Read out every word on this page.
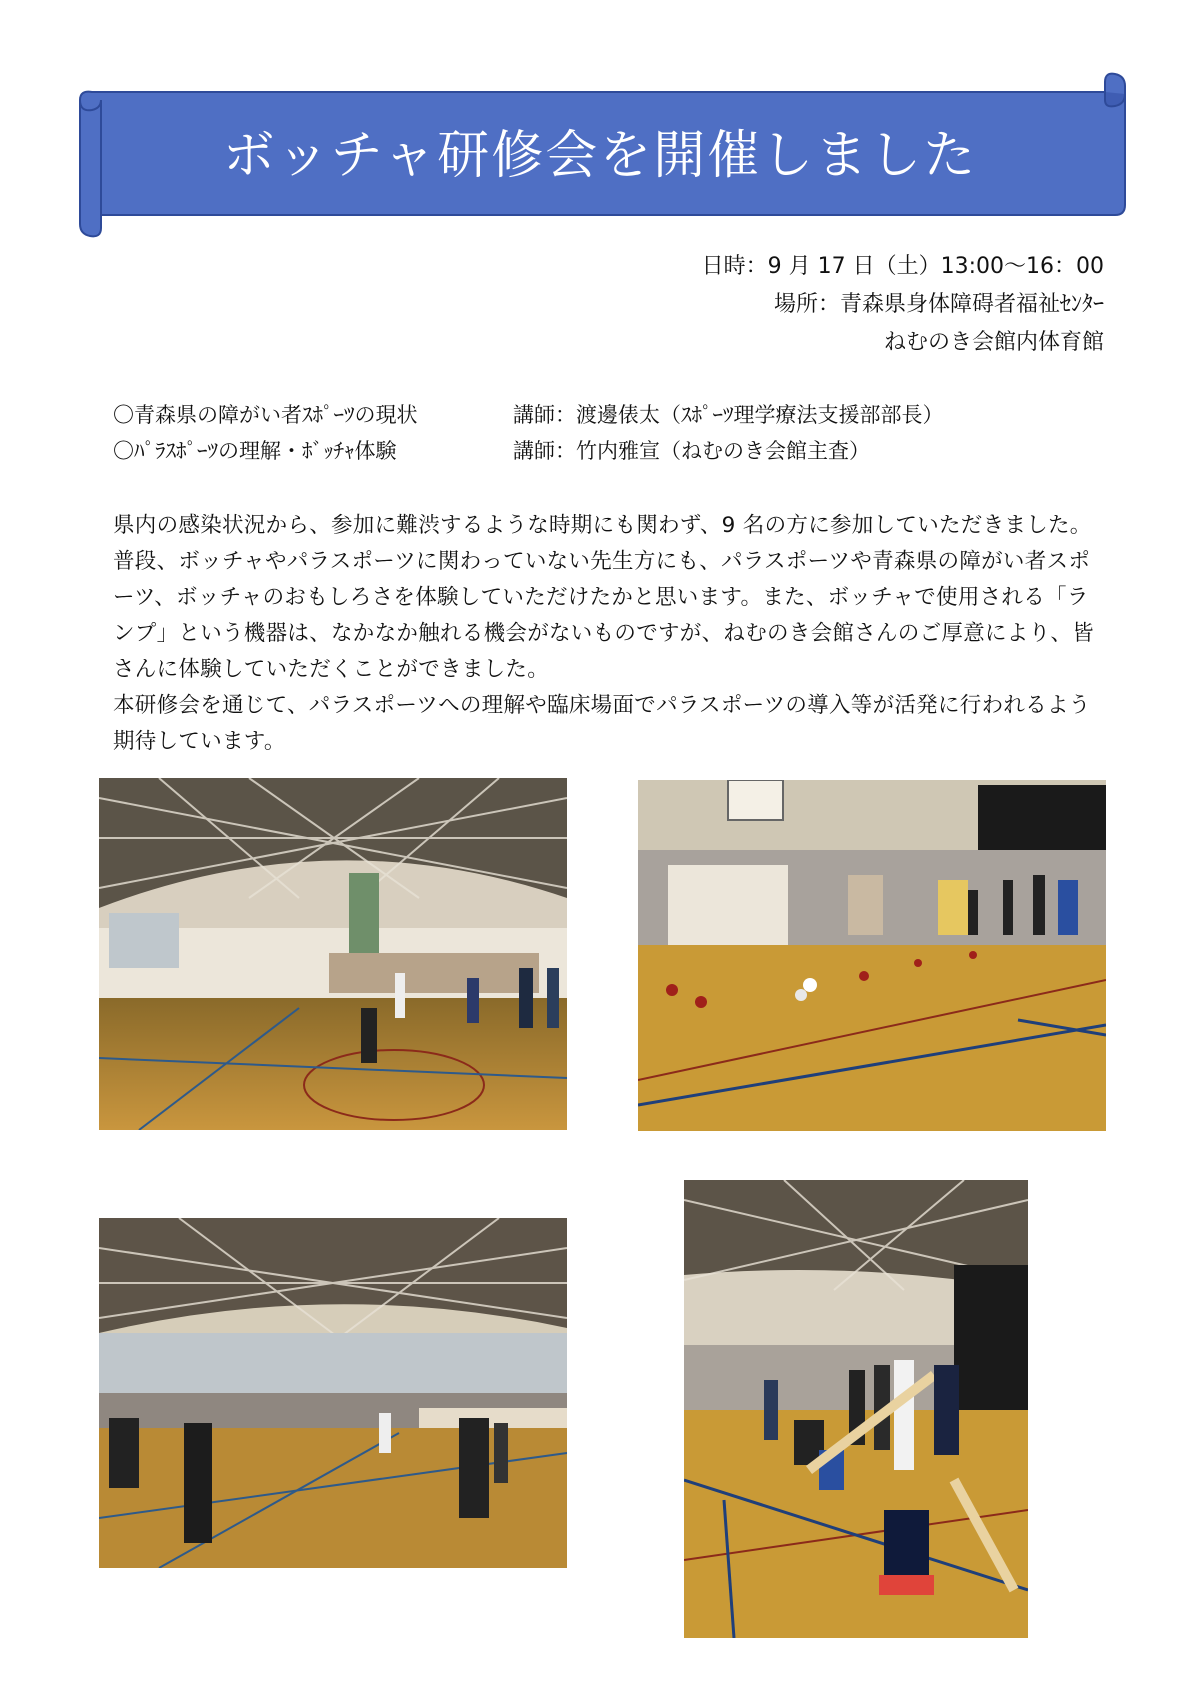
ボッチャ研修会を開催しました
日時：9 月 17 日（土）13:00～16：00
場所：青森県身体障碍者福祉ｾﾝﾀｰ
ねむのき会館内体育館
〇青森県の障がい者ｽﾎﾟｰﾂの現状	講師：渡邊俵太（ｽﾎﾟｰﾂ理学療法支援部部長）
〇ﾊﾟﾗｽﾎﾟｰﾂの理解・ﾎﾞｯﾁｬ体験	講師：竹内雅宣（ねむのき会館主査）

県内の感染状況から、参加に難渋するような時期にも関わず、9 名の方に参加していただきました。普段、ボッチャやパラスポーツに関わっていない先生方にも、パラスポーツや青森県の障がい者スポーツ、ボッチャのおもしろさを体験していただけたかと思います。また、ボッチャで使用される「ランプ」という機器は、なかなか触れる機会がないものですが、ねむのき会館さんのご厚意により、皆さんに体験していただくことができました。

本研修会を通じて、パラスポーツへの理解や臨床場面でパラスポーツの導入等が活発に行われるよう期待しています。
